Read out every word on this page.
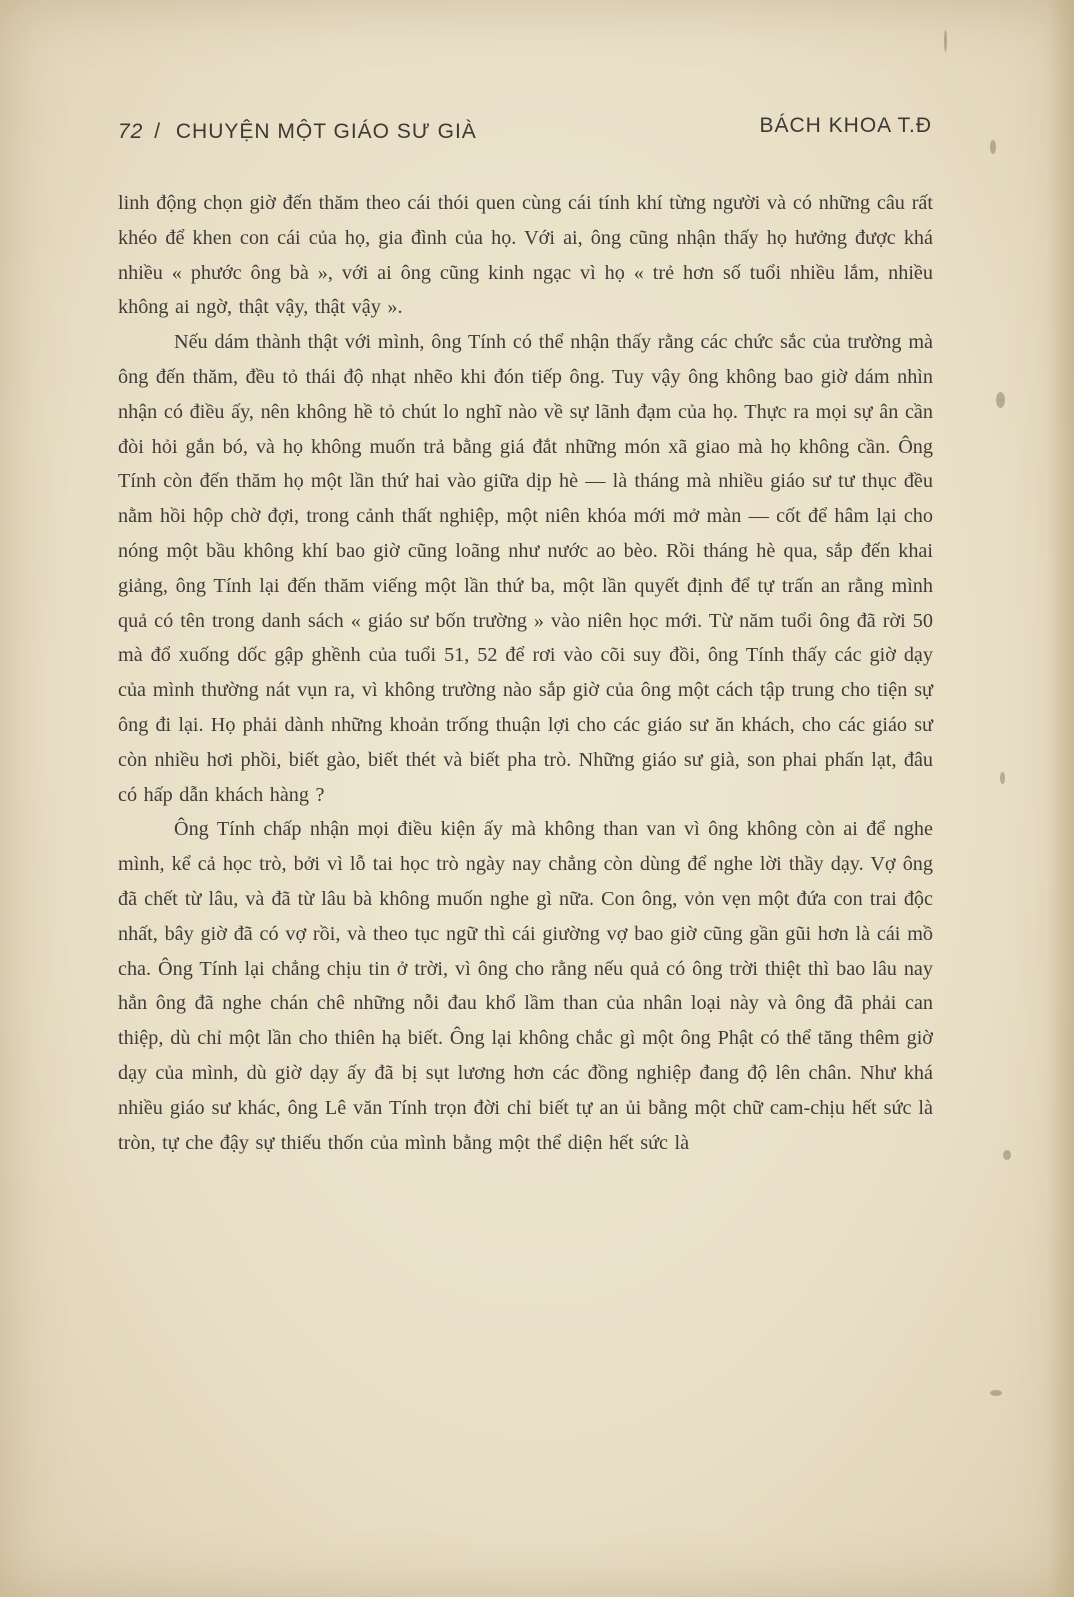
72 / CHUYỆN MỘT GIÁO SƯ GIÀ	BÁCH KHOA T.Đ

linh động chọn giờ đến thăm theo cái thói quen cùng cái tính khí từng người và có những câu rất khéo để khen con cái của họ, gia đình của họ. Với ai, ông cũng nhận thấy họ hưởng được khá nhiều « phước ông bà », với ai ông cũng kinh ngạc vì họ « trẻ hơn số tuổi nhiều lắm, nhiều không ai ngờ, thật vậy, thật vậy ».

Nếu dám thành thật với mình, ông Tính có thể nhận thấy rằng các chức sắc của trường mà ông đến thăm, đều tỏ thái độ nhạt nhẽo khi đón tiếp ông. Tuy vậy ông không bao giờ dám nhìn nhận có điều ấy, nên không hề tỏ chút lo nghĩ nào về sự lãnh đạm của họ. Thực ra mọi sự ân cần đòi hỏi gắn bó, và họ không muốn trả bằng giá đắt những món xã giao mà họ không cần. Ông Tính còn đến thăm họ một lần thứ hai vào giữa dịp hè — là tháng mà nhiều giáo sư tư thục đều nằm hồi hộp chờ đợi, trong cảnh thất nghiệp, một niên khóa mới mở màn — cốt để hâm lại cho nóng một bầu không khí bao giờ cũng loãng như nước ao bèo. Rồi tháng hè qua, sắp đến khai giảng, ông Tính lại đến thăm viếng một lần thứ ba, một lần quyết định để tự trấn an rằng mình quả có tên trong danh sách « giáo sư bốn trường » vào niên học mới. Từ năm tuổi ông đã rời 50 mà đổ xuống dốc gập ghềnh của tuổi 51, 52 để rơi vào cõi suy đồi, ông Tính thấy các giờ dạy của mình thường nát vụn ra, vì không trường nào sắp giờ của ông một cách tập trung cho tiện sự ông đi lại. Họ phải dành những khoản trống thuận lợi cho các giáo sư ăn khách, cho các giáo sư còn nhiều hơi phồi, biết gào, biết thét và biết pha trò. Những giáo sư già, son phai phấn lạt, đâu có hấp dẫn khách hàng ?

Ông Tính chấp nhận mọi điều kiện ấy mà không than van vì ông không còn ai để nghe mình, kể cả học trò, bởi vì lỗ tai học trò ngày nay chẳng còn dùng để nghe lời thầy dạy. Vợ ông đã chết từ lâu, và đã từ lâu bà không muốn nghe gì nữa. Con ông, vỏn vẹn một đứa con trai độc nhất, bây giờ đã có vợ rồi, và theo tục ngữ thì cái giường vợ bao giờ cũng gần gũi hơn là cái mồ cha. Ông Tính lại chẳng chịu tin ở trời, vì ông cho rằng nếu quả có ông trời thiệt thì bao lâu nay hẳn ông đã nghe chán chê những nỗi đau khổ lầm than của nhân loại này và ông đã phải can thiệp, dù chỉ một lần cho thiên hạ biết. Ông lại không chắc gì một ông Phật có thể tăng thêm giờ dạy của mình, dù giờ dạy ấy đã bị sụt lương hơn các đồng nghiệp đang độ lên chân. Như khá nhiều giáo sư khác, ông Lê văn Tính trọn đời chỉ biết tự an ủi bằng một chữ cam-chịu hết sức là tròn, tự che đậy sự thiếu thốn của mình bằng một thể diện hết sức là
